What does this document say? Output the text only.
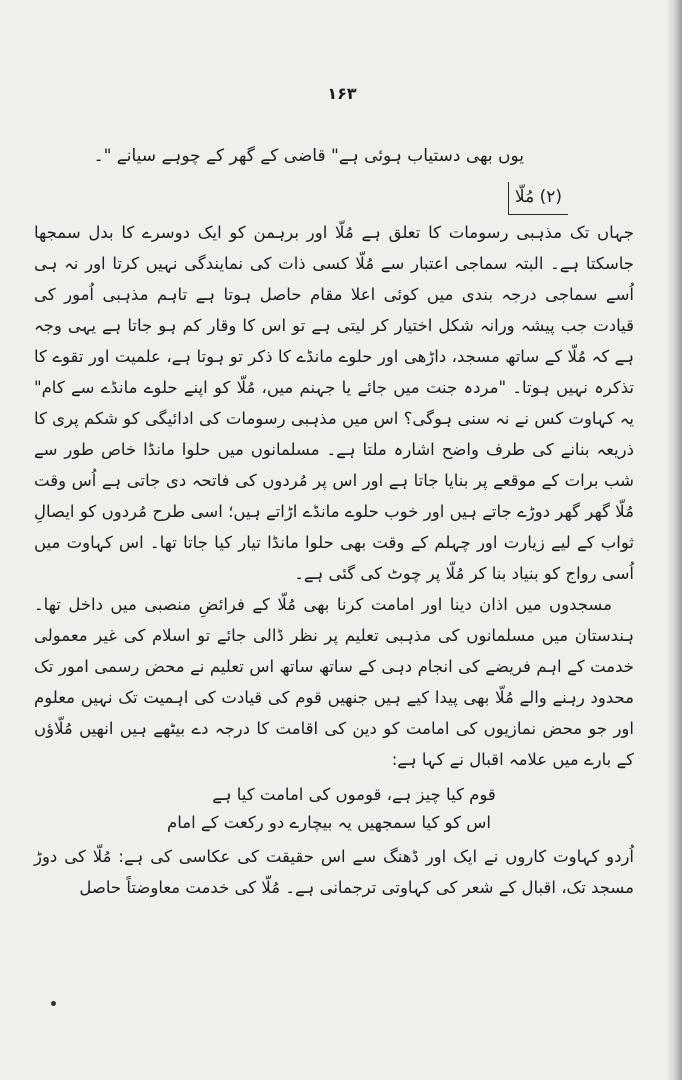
۱۶۳

یوں بھی دستیاب ہوئی ہے" قاضی کے گھر کے چوہے سیانے "۔

(۲) مُلّا

جہاں تک مذہبی رسومات کا تعلق ہے مُلّا اور برہمن کو ایک دوسرے کا بدل سمجھا جاسکتا ہے۔ البتہ سماجی اعتبار سے مُلّا کسی ذات کی نمایندگی نہیں کرتا اور نہ ہی اُسے سماجی درجہ بندی میں کوئی اعلا مقام حاصل ہوتا ہے تاہم مذہبی اُمور کی قیادت جب پیشہ ورانہ شکل اختیار کر لیتی ہے تو اس کا وقار کم ہو جاتا ہے یہی وجہ ہے کہ مُلّا کے ساتھ مسجد، داڑھی اور حلوے مانڈے کا ذکر تو ہوتا ہے، علمیت اور تقوے کا تذکرہ نہیں ہوتا۔ "مردہ جنت میں جائے یا جہنم میں، مُلّا کو اپنے حلوے مانڈے سے کام" یہ کہاوت کس نے نہ سنی ہوگی؟ اس میں مذہبی رسومات کی ادائیگی کو شکم پری کا ذریعہ بنانے کی طرف واضح اشارہ ملتا ہے۔ مسلمانوں میں حلوا مانڈا خاص طور سے شب برات کے موقعے پر بنایا جاتا ہے اور اس پر مُردوں کی فاتحہ دی جاتی ہے اُس وقت مُلّا گھر گھر دوڑے جاتے ہیں اور خوب حلوے مانڈے اڑاتے ہیں؛ اسی طرح مُردوں کو ایصالِ ثواب کے لیے زیارت اور چہلم کے وقت بھی حلوا مانڈا تیار کیا جاتا تھا۔ اس کہاوت میں اُسی رواج کو بنیاد بنا کر مُلّا پر چوٹ کی گئی ہے۔

مسجدوں میں اذان دینا اور امامت کرنا بھی مُلّا کے فرائضِ منصبی میں داخل تھا۔ ہندستان میں مسلمانوں کی مذہبی تعلیم پر نظر ڈالی جائے تو اسلام کی غیر معمولی خدمت کے اہم فریضے کی انجام دہی کے ساتھ ساتھ اس تعلیم نے محض رسمی امور تک محدود رہنے والے مُلّا بھی پیدا کیے ہیں جنھیں قوم کی قیادت کی اہمیت تک نہیں معلوم اور جو محض نمازیوں کی امامت کو دین کی اقامت کا درجہ دے بیٹھے ہیں انھیں مُلّاؤں کے بارے میں علامہ اقبال نے کہا ہے:

قوم کیا چیز ہے، قوموں کی امامت کیا ہے
اس کو کیا سمجھیں یہ بیچارے دو رکعت کے امام

اُردو کہاوت کاروں نے ایک اور ڈھنگ سے اس حقیقت کی عکاسی کی ہے: مُلّا کی دوڑ مسجد تک، اقبال کے شعر کی کہاوتی ترجمانی ہے۔ مُلّا کی خدمت معاوضتاً حاصل
